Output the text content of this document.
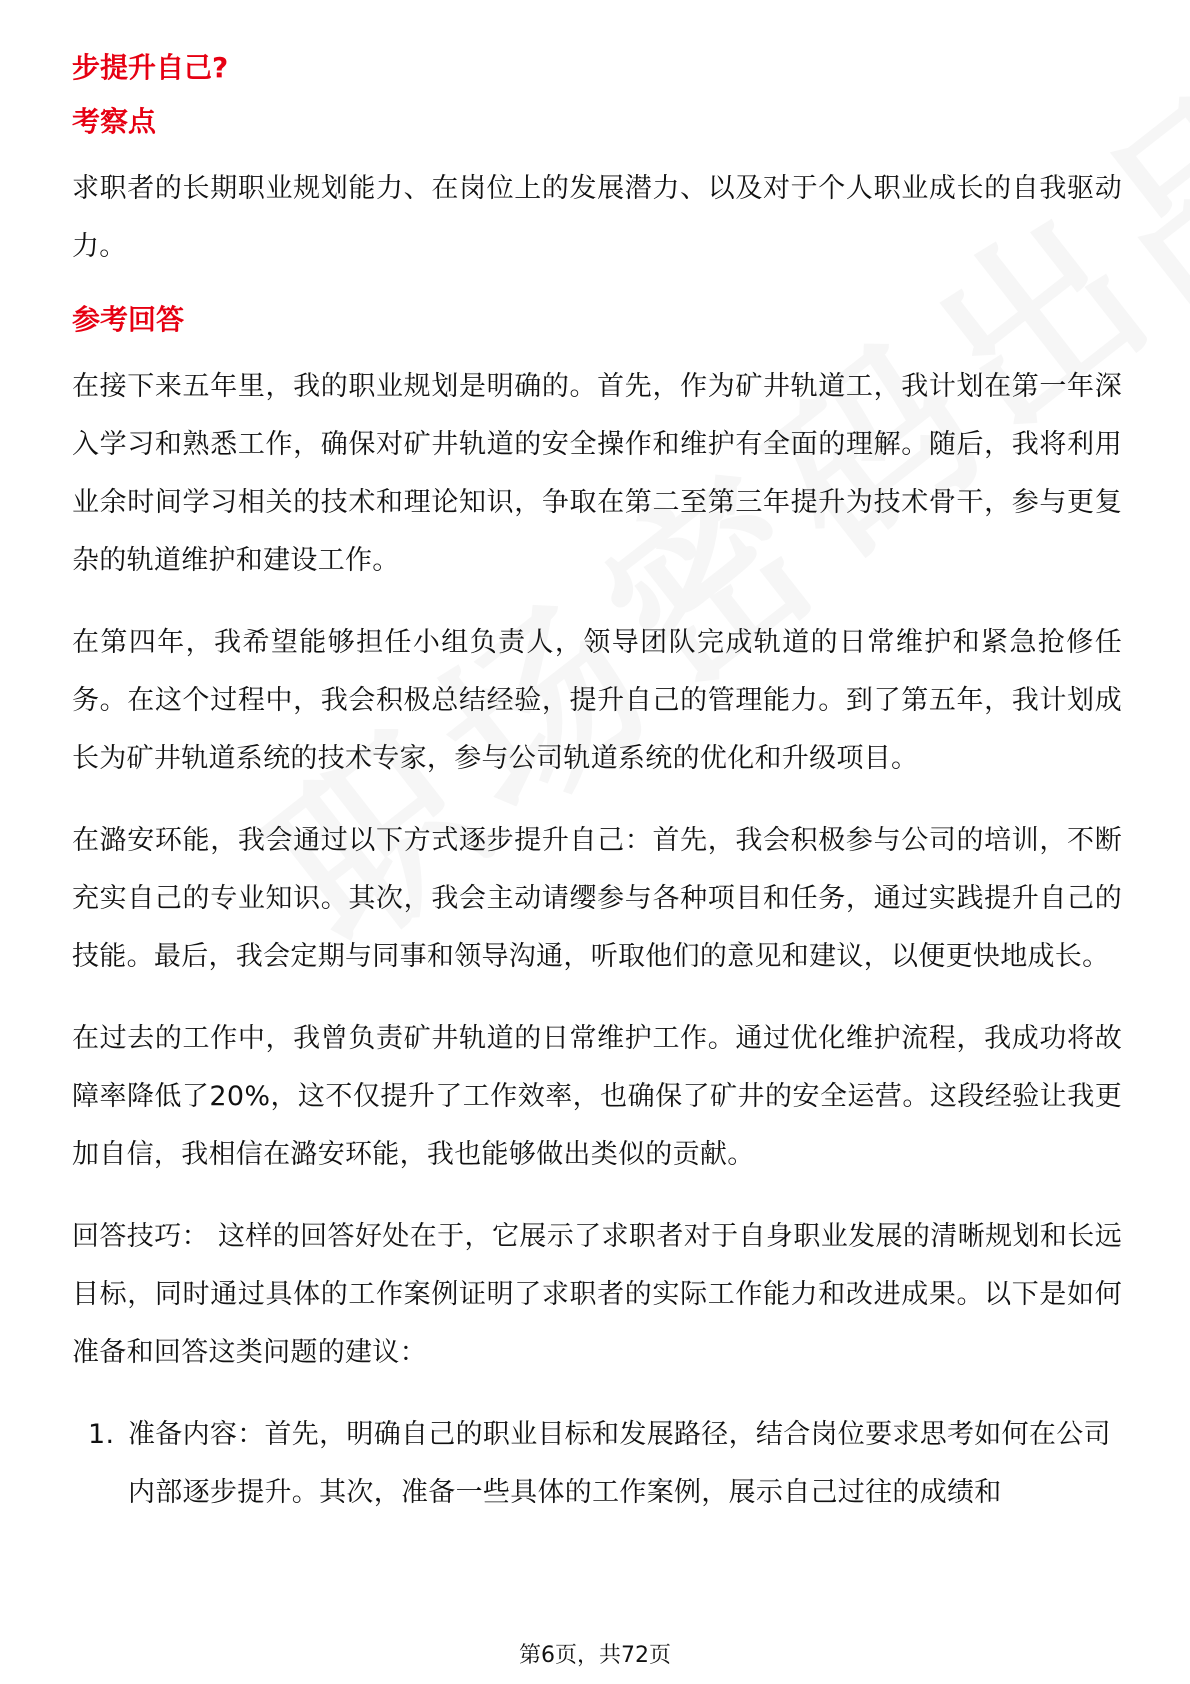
步提升自己?

考察点

求职者的长期职业规划能力、在岗位上的发展潜力、以及对于个人职业成长的自我驱动力。

参考回答

在接下来五年里，我的职业规划是明确的。首先，作为矿井轨道工，我计划在第一年深入学习和熟悉工作，确保对矿井轨道的安全操作和维护有全面的理解。随后，我将利用业余时间学习相关的技术和理论知识，争取在第二至第三年提升为技术骨干，参与更复杂的轨道维护和建设工作。

在第四年，我希望能够担任小组负责人，领导团队完成轨道的日常维护和紧急抢修任务。在这个过程中，我会积极总结经验，提升自己的管理能力。到了第五年，我计划成长为矿井轨道系统的技术专家，参与公司轨道系统的优化和升级项目。

在潞安环能，我会通过以下方式逐步提升自己：首先，我会积极参与公司的培训，不断充实自己的专业知识。其次，我会主动请缨参与各种项目和任务，通过实践提升自己的技能。最后，我会定期与同事和领导沟通，听取他们的意见和建议，以便更快地成长。

在过去的工作中，我曾负责矿井轨道的日常维护工作。通过优化维护流程，我成功将故障率降低了20%，这不仅提升了工作效率，也确保了矿井的安全运营。这段经验让我更加自信，我相信在潞安环能，我也能够做出类似的贡献。

回答技巧： 这样的回答好处在于，它展示了求职者对于自身职业发展的清晰规划和长远目标，同时通过具体的工作案例证明了求职者的实际工作能力和改进成果。以下是如何准备和回答这类问题的建议：

1. 准备内容：首先，明确自己的职业目标和发展路径，结合岗位要求思考如何在公司内部逐步提升。其次，准备一些具体的工作案例，展示自己过往的成绩和
第6页，共72页
